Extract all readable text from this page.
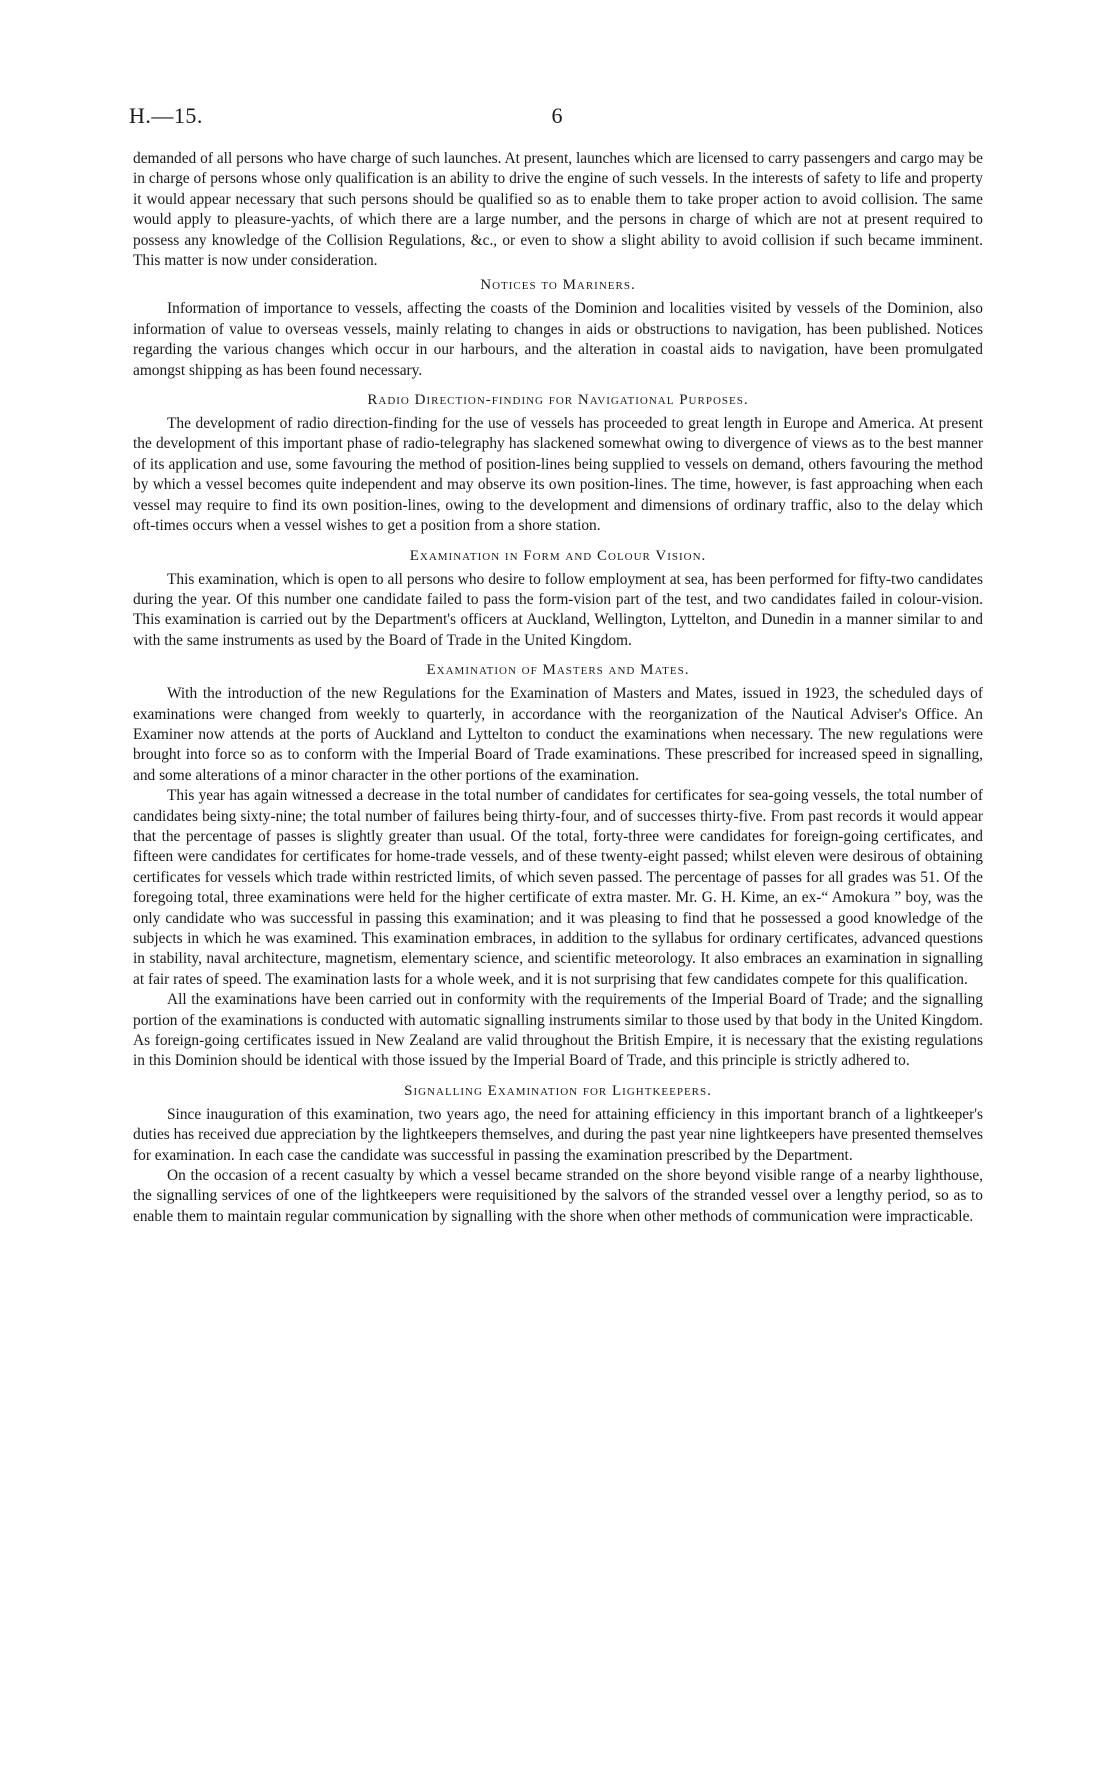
H.—15.	6

demanded of all persons who have charge of such launches. At present, launches which are licensed to carry passengers and cargo may be in charge of persons whose only qualification is an ability to drive the engine of such vessels. In the interests of safety to life and property it would appear necessary that such persons should be qualified so as to enable them to take proper action to avoid collision. The same would apply to pleasure-yachts, of which there are a large number, and the persons in charge of which are not at present required to possess any knowledge of the Collision Regulations, &c., or even to show a slight ability to avoid collision if such became imminent. This matter is now under consideration.

Notices to Mariners.

Information of importance to vessels, affecting the coasts of the Dominion and localities visited by vessels of the Dominion, also information of value to overseas vessels, mainly relating to changes in aids or obstructions to navigation, has been published. Notices regarding the various changes which occur in our harbours, and the alteration in coastal aids to navigation, have been promulgated amongst shipping as has been found necessary.

Radio Direction-finding for Navigational Purposes.

The development of radio direction-finding for the use of vessels has proceeded to great length in Europe and America. At present the development of this important phase of radio-telegraphy has slackened somewhat owing to divergence of views as to the best manner of its application and use, some favouring the method of position-lines being supplied to vessels on demand, others favouring the method by which a vessel becomes quite independent and may observe its own position-lines. The time, however, is fast approaching when each vessel may require to find its own position-lines, owing to the development and dimensions of ordinary traffic, also to the delay which oft-times occurs when a vessel wishes to get a position from a shore station.

Examination in Form and Colour Vision.

This examination, which is open to all persons who desire to follow employment at sea, has been performed for fifty-two candidates during the year. Of this number one candidate failed to pass the form-vision part of the test, and two candidates failed in colour-vision. This examination is carried out by the Department's officers at Auckland, Wellington, Lyttelton, and Dunedin in a manner similar to and with the same instruments as used by the Board of Trade in the United Kingdom.

Examination of Masters and Mates.

With the introduction of the new Regulations for the Examination of Masters and Mates, issued in 1923, the scheduled days of examinations were changed from weekly to quarterly, in accordance with the reorganization of the Nautical Adviser's Office. An Examiner now attends at the ports of Auckland and Lyttelton to conduct the examinations when necessary. The new regulations were brought into force so as to conform with the Imperial Board of Trade examinations. These prescribed for increased speed in signalling, and some alterations of a minor character in the other portions of the examination.

This year has again witnessed a decrease in the total number of candidates for certificates for sea-going vessels, the total number of candidates being sixty-nine; the total number of failures being thirty-four, and of successes thirty-five. From past records it would appear that the percentage of passes is slightly greater than usual. Of the total, forty-three were candidates for foreign-going certificates, and fifteen were candidates for certificates for home-trade vessels, and of these twenty-eight passed; whilst eleven were desirous of obtaining certificates for vessels which trade within restricted limits, of which seven passed. The percentage of passes for all grades was 51. Of the foregoing total, three examinations were held for the higher certificate of extra master. Mr. G. H. Kime, an ex-“ Amokura ” boy, was the only candidate who was successful in passing this examination; and it was pleasing to find that he possessed a good knowledge of the subjects in which he was examined. This examination embraces, in addition to the syllabus for ordinary certificates, advanced questions in stability, naval architecture, magnetism, elementary science, and scientific meteorology. It also embraces an examination in signalling at fair rates of speed. The examination lasts for a whole week, and it is not surprising that few candidates compete for this qualification.

All the examinations have been carried out in conformity with the requirements of the Imperial Board of Trade; and the signalling portion of the examinations is conducted with automatic signalling instruments similar to those used by that body in the United Kingdom. As foreign-going certificates issued in New Zealand are valid throughout the British Empire, it is necessary that the existing regulations in this Dominion should be identical with those issued by the Imperial Board of Trade, and this principle is strictly adhered to.

Signalling Examination for Lightkeepers.

Since inauguration of this examination, two years ago, the need for attaining efficiency in this important branch of a lightkeeper's duties has received due appreciation by the lightkeepers themselves, and during the past year nine lightkeepers have presented themselves for examination. In each case the candidate was successful in passing the examination prescribed by the Department.

On the occasion of a recent casualty by which a vessel became stranded on the shore beyond visible range of a nearby lighthouse, the signalling services of one of the lightkeepers were requisitioned by the salvors of the stranded vessel over a lengthy period, so as to enable them to maintain regular communication by signalling with the shore when other methods of communication were impracticable.
